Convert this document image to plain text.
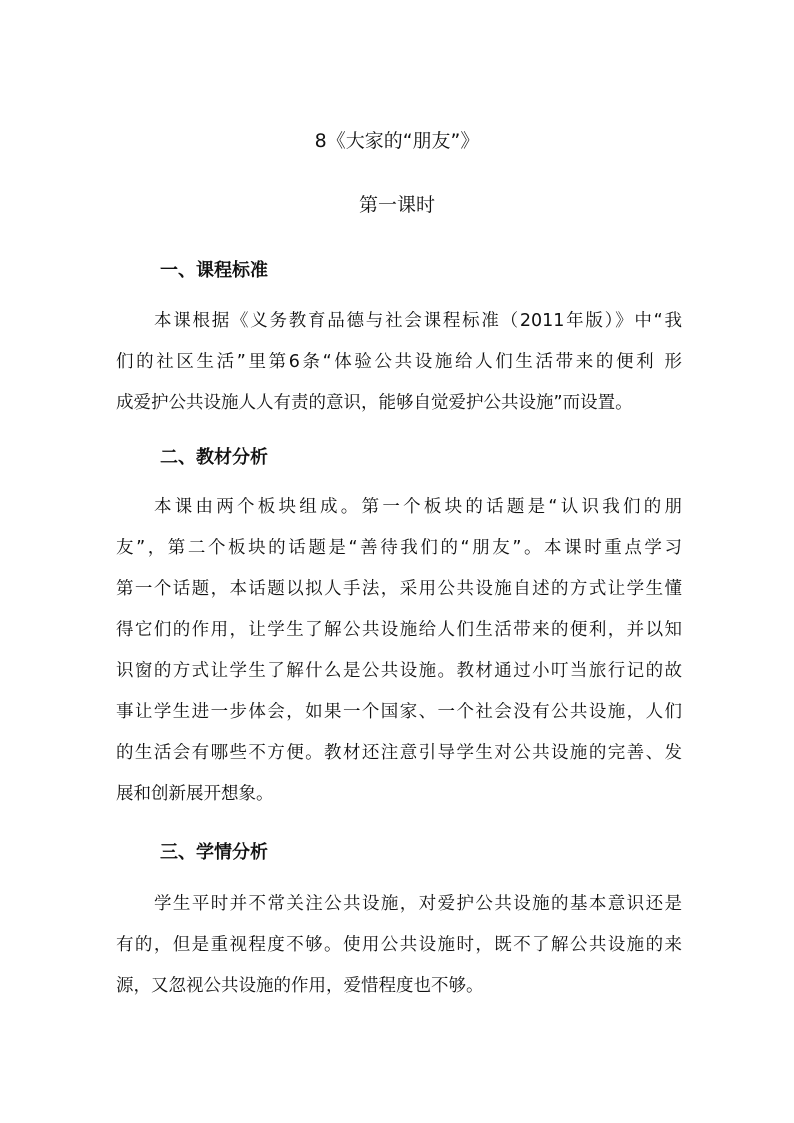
8《大家的“朋友”》
第一课时
一、课程标准
本课根据《义务教育品德与社会课程标准（2011年版）》中“我
们的社区生活”里第6条“体验公共设施给人们生活带来的便利 形
成爱护公共设施人人有责的意识，能够自觉爱护公共设施”而设置。
二、教材分析
本课由两个板块组成。第一个板块的话题是“认识我们的朋
友”，第二个板块的话题是“善待我们的“朋友”。本课时重点学习
第一个话题，本话题以拟人手法，采用公共设施自述的方式让学生懂
得它们的作用，让学生了解公共设施给人们生活带来的便利，并以知
识窗的方式让学生了解什么是公共设施。教材通过小叮当旅行记的故
事让学生进一步体会，如果一个国家、一个社会没有公共设施，人们
的生活会有哪些不方便。教材还注意引导学生对公共设施的完善、发
展和创新展开想象。
三、学情分析
学生平时并不常关注公共设施，对爱护公共设施的基本意识还是
有的，但是重视程度不够。使用公共设施时，既不了解公共设施的来
源，又忽视公共设施的作用，爱惜程度也不够。
